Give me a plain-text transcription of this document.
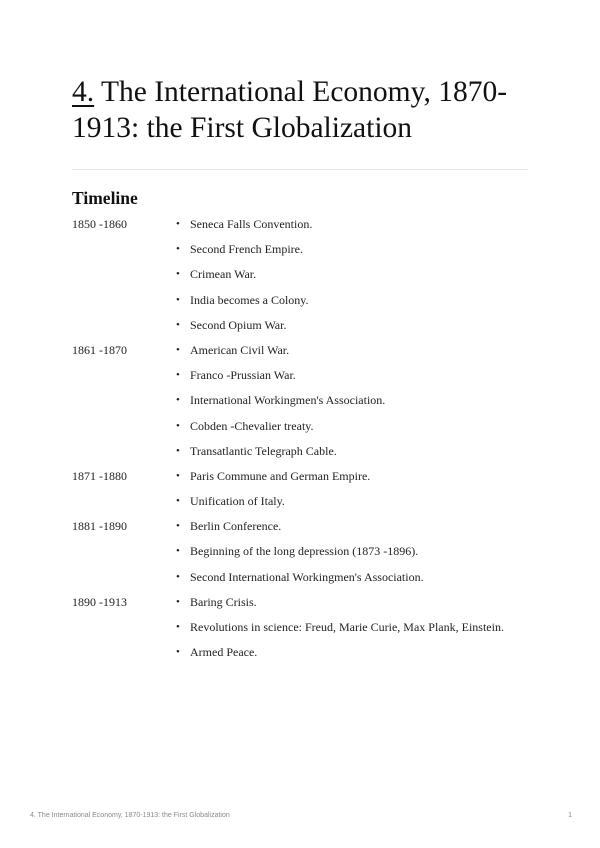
4. The International Economy, 1870-1913: the First Globalization
Timeline
1850 -1860	• Seneca Falls Convention.
• Second French Empire.
• Crimean War.
• India becomes a Colony.
• Second Opium War.
1861 -1870	• American Civil War.
• Franco -Prussian War.
• International Workingmen's Association.
• Cobden -Chevalier treaty.
• Transatlantic Telegraph Cable.
1871 -1880	• Paris Commune and German Empire.
• Unification of Italy.
1881 -1890	• Berlin Conference.
• Beginning of the long depression (1873 -1896).
• Second International Workingmen's Association.
1890 -1913	• Baring Crisis.
• Revolutions in science: Freud, Marie Curie, Max Plank, Einstein.
• Armed Peace.
4. The International Economy, 1870-1913: the First Globalization	1
